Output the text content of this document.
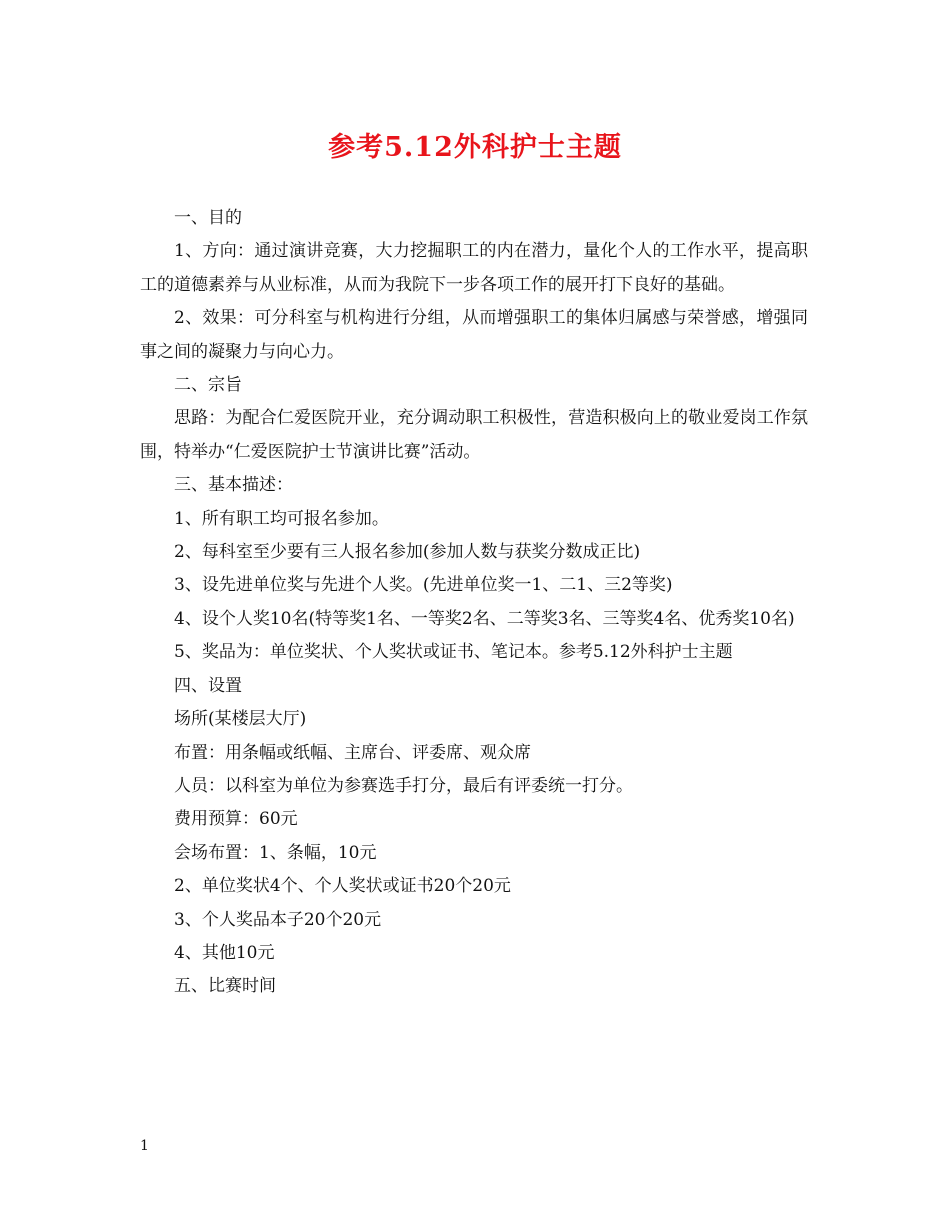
参考5.12外科护士主题

一、目的

1、方向：通过演讲竞赛，大力挖掘职工的内在潜力，量化个人的工作水平，提高职工的道德素养与从业标准，从而为我院下一步各项工作的展开打下良好的基础。

2、效果：可分科室与机构进行分组，从而增强职工的集体归属感与荣誉感，增强同事之间的凝聚力与向心力。

二、宗旨

思路：为配合仁爱医院开业，充分调动职工积极性，营造积极向上的敬业爱岗工作氛围，特举办“仁爱医院护士节演讲比赛”活动。

三、基本描述：

1、所有职工均可报名参加。

2、每科室至少要有三人报名参加(参加人数与获奖分数成正比)

3、设先进单位奖与先进个人奖。(先进单位奖一1、二1、三2等奖)

4、设个人奖10名(特等奖1名、一等奖2名、二等奖3名、三等奖4名、优秀奖10名)

5、奖品为：单位奖状、个人奖状或证书、笔记本。参考5.12外科护士主题

四、设置

场所(某楼层大厅)

布置：用条幅或纸幅、主席台、评委席、观众席

人员：以科室为单位为参赛选手打分，最后有评委统一打分。

费用预算：60元

会场布置：1、条幅，10元

2、单位奖状4个、个人奖状或证书20个20元

3、个人奖品本子20个20元

4、其他10元

五、比赛时间

1
